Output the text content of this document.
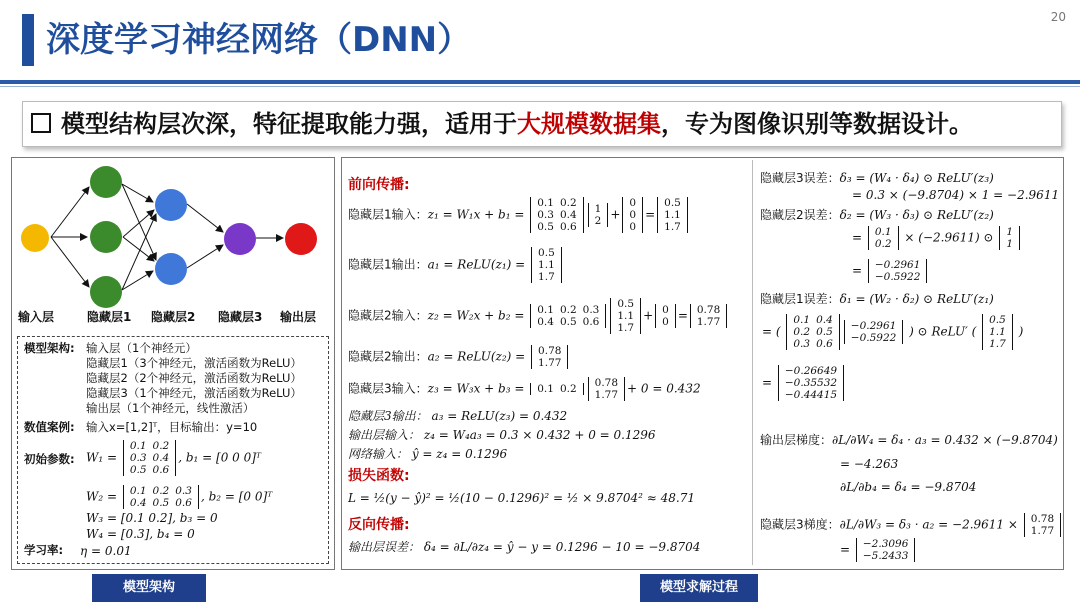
深度学习神经网络（DNN）
20
模型结构层次深，特征提取能力强，适用于大规模数据集，专为图像识别等数据设计。
输入层	隐藏层1 隐藏层2 隐藏层3 输出层
模型架构: 输入层（1个神经元）
隐藏层1（3个神经元，激活函数为ReLU）
隐藏层2（2个神经元，激活函数为ReLU）
隐藏层3（1个神经元，激活函数为ReLU）
输出层（1个神经元，线性激活）
数值案例: 输入x=[1,2]ᵀ，目标输出：y=10
初始参数: W₁ =
0.1	0.2
0.3	0.4
0.5	0.6
, b₁ = [0 0 0]ᵀ
W₂ = 0.1	0.2	0.3
0.4	0.5	0.6 , b₂ = [0 0]ᵀ
W₃ = [0.1 0.2], b₃ = 0
W₄ = [0.3], b₄ = 0
学习率: η = 0.01
前向传播:
隐藏层1输入：z₁ = W₁x + b₁ =
0.1	0.2
0.3	0.4
0.5	0.6
1
2 +
0
0
0
=
0.5
1.1
1.7
隐藏层1输出：a₁ = ReLU(z₁) =
0.5
1.1
1.7
隐藏层2输入：z₂ = W₂x + b₂ = 0.1	0.2	0.3
0.4	0.5	0.6
0.5
1.1
1.7
+ 0
0 = 0.78
1.77
隐藏层2输出：a₂ = ReLU(z₂) = 0.78
1.77
隐藏层3输入：z₃ = W₃x + b₃ = 0.1	0.2 0.78
1.77 + 0 = 0.432
隐藏层3输出： a₃ = ReLU(z₃) = 0.432
输出层输入： z₄ = W₄a₃ = 0.3 × 0.432 + 0 = 0.1296
网络输入： ŷ = z₄ = 0.1296
损失函数:
L = ½(y − ŷ)² = ½(10 − 0.1296)² = ½ × 9.8704² ≈ 48.71
反向传播:
输出层误差： δ₄ = ∂L/∂z₄ = ŷ − y = 0.1296 − 10 = −9.8704
隐藏层3误差：δ₃ = (W₄ · δ₄) ⊙ ReLU′(z₃)
= 0.3 × (−9.8704) × 1 = −2.9611
隐藏层2误差：δ₂ = (W₃ · δ₃) ⊙ ReLU′(z₂)
= 0.1
0.2 × (−2.9611) ⊙ 1
1
= −0.2961
−0.5922
隐藏层1误差：δ₁ = (W₂ · δ₂) ⊙ ReLU′(z₁)
= (
0.1	0.4
0.2	0.5
0.3	0.6
−0.2961
−0.5922 ) ⊙ ReLU′ (
0.5
1.1
1.7
)
=
−0.26649
−0.35532
−0.44415
输出层梯度：∂L/∂W₄ = δ₄ · a₃ = 0.432 × (−9.8704)
= −4.263
∂L/∂b₄ = δ₄ = −9.8704
隐藏层3梯度：∂L/∂W₃ = δ₃ · a₂ = −2.9611 × 0.78
1.77
= −2.3096
−5.2433
模型架构	模型求解过程
